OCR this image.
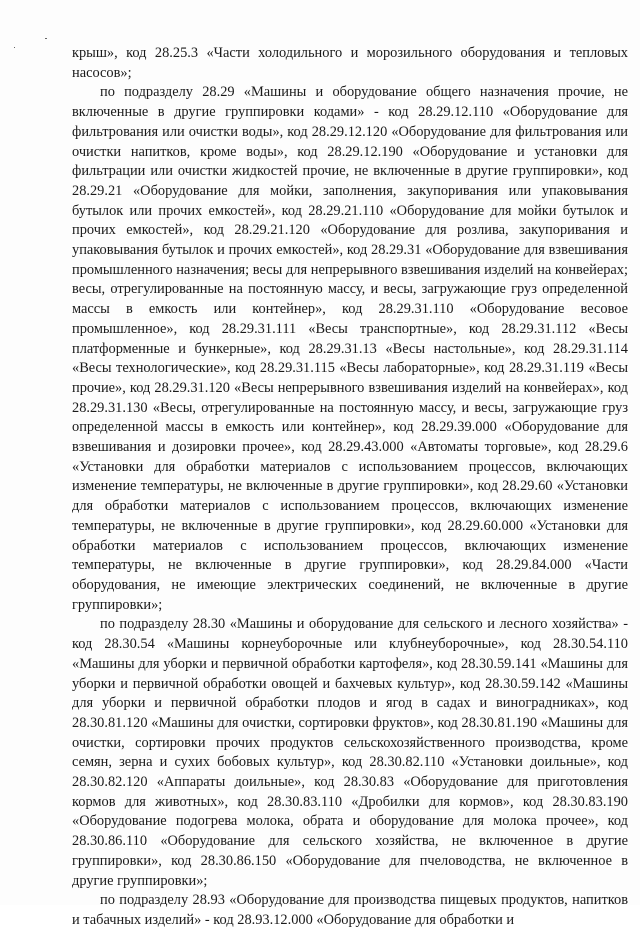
крыш», код 28.25.3 «Части холодильного и морозильного оборудования и тепловых насосов»;

по подразделу 28.29 «Машины и оборудование общего назначения прочие, не включенные в другие группировки кодами» - код 28.29.12.110 «Оборудование для фильтрования или очистки воды», код 28.29.12.120 «Оборудование для фильтрования или очистки напитков, кроме воды», код 28.29.12.190 «Оборудование и установки для фильтрации или очистки жидкостей прочие, не включенные в другие группировки», код 28.29.21 «Оборудование для мойки, заполнения, закупоривания или упаковывания бутылок или прочих емкостей», код 28.29.21.110 «Оборудование для мойки бутылок и прочих емкостей», код 28.29.21.120 «Оборудование для розлива, закупоривания и упаковывания бутылок и прочих емкостей», код 28.29.31 «Оборудование для взвешивания промышленного назначения; весы для непрерывного взвешивания изделий на конвейерах; весы, отрегулированные на постоянную массу, и весы, загружающие груз определенной массы в емкость или контейнер», код 28.29.31.110 «Оборудование весовое промышленное», код 28.29.31.111 «Весы транспортные», код 28.29.31.112 «Весы платформенные и бункерные», код 28.29.31.13 «Весы настольные», код 28.29.31.114 «Весы технологические», код 28.29.31.115 «Весы лабораторные», код 28.29.31.119 «Весы прочие», код 28.29.31.120 «Весы непрерывного взвешивания изделий на конвейерах», код 28.29.31.130 «Весы, отрегулированные на постоянную массу, и весы, загружающие груз определенной массы в емкость или контейнер», код 28.29.39.000 «Оборудование для взвешивания и дозировки прочее», код 28.29.43.000 «Автоматы торговые», код 28.29.6 «Установки для обработки материалов с использованием процессов, включающих изменение температуры, не включенные в другие группировки», код 28.29.60 «Установки для обработки материалов с использованием процессов, включающих изменение температуры, не включенные в другие группировки», код 28.29.60.000 «Установки для обработки материалов с использованием процессов, включающих изменение температуры, не включенные в другие группировки», код 28.29.84.000 «Части оборудования, не имеющие электрических соединений, не включенные в другие группировки»;

по подразделу 28.30 «Машины и оборудование для сельского и лесного хозяйства» - код 28.30.54 «Машины корнеуборочные или клубнеуборочные», код 28.30.54.110 «Машины для уборки и первичной обработки картофеля», код 28.30.59.141 «Машины для уборки и первичной обработки овощей и бахчевых культур», код 28.30.59.142 «Машины для уборки и первичной обработки плодов и ягод в садах и виноградниках», код 28.30.81.120 «Машины для очистки, сортировки фруктов», код 28.30.81.190 «Машины для очистки, сортировки прочих продуктов сельскохозяйственного производства, кроме семян, зерна и сухих бобовых культур», код 28.30.82.110 «Установки доильные», код 28.30.82.120 «Аппараты доильные», код 28.30.83 «Оборудование для приготовления кормов для животных», код 28.30.83.110 «Дробилки для кормов», код 28.30.83.190 «Оборудование подогрева молока, обрата и оборудование для молока прочее», код 28.30.86.110 «Оборудование для сельского хозяйства, не включенное в другие группировки», код 28.30.86.150 «Оборудование для пчеловодства, не включенное в другие группировки»;

по подразделу 28.93 «Оборудование для производства пищевых продуктов, напитков и табачных изделий» - код 28.93.12.000 «Оборудование для обработки и
